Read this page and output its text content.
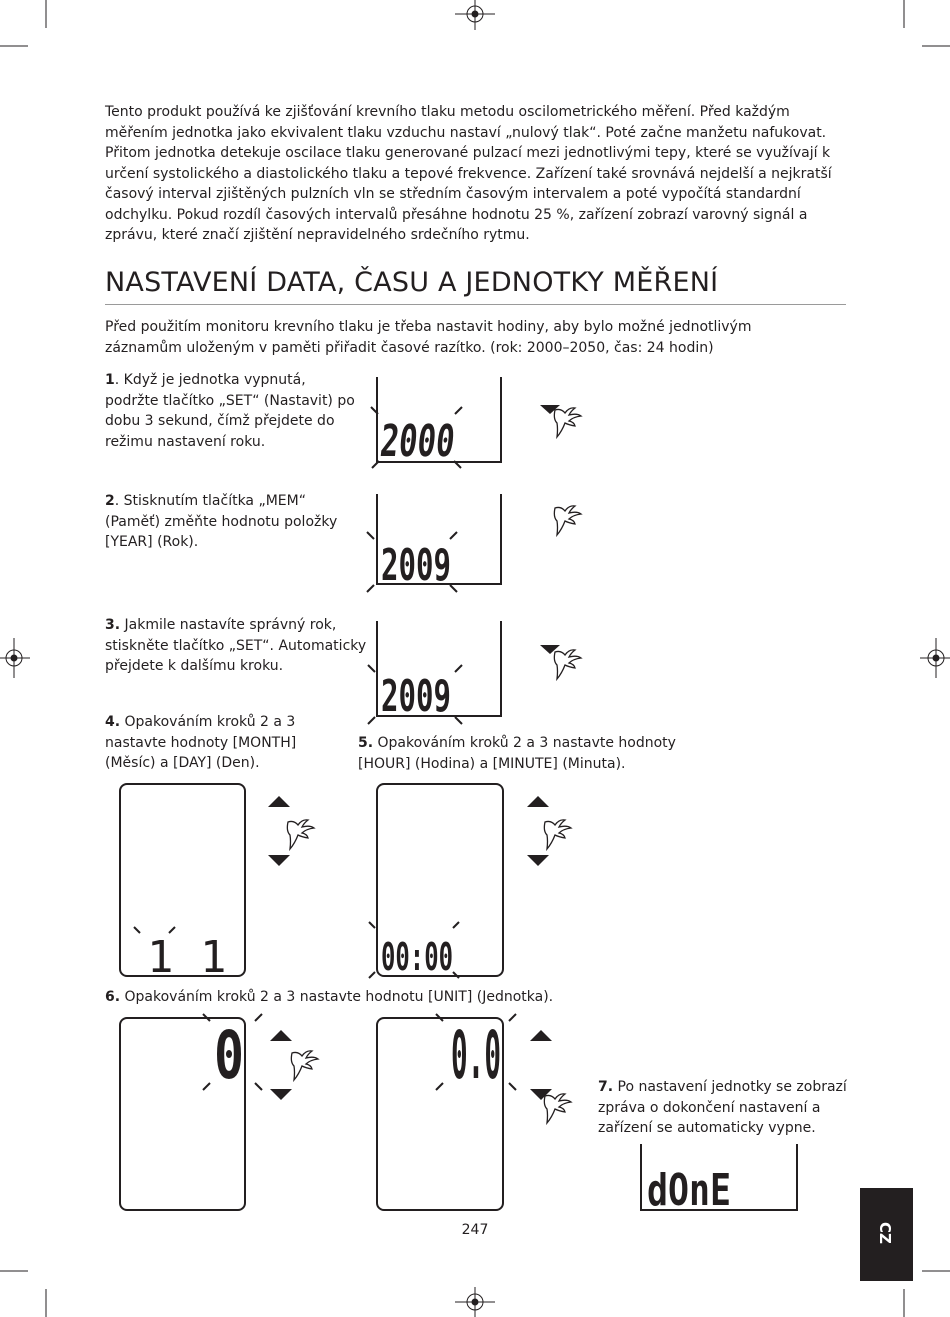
Tento produkt používá ke zjišťování krevního tlaku metodu oscilometrického měření. Před každým měřením jednotka jako ekvivalent tlaku vzduchu nastaví „nulový tlak“. Poté začne manžetu nafukovat. Přitom jednotka detekuje oscilace tlaku generované pulzací mezi jednotlivými tepy, které se využívají k určení systolického a diastolického tlaku a tepové frekvence. Zařízení také srovnává nejdelší a nejkratší časový interval zjištěných pulzních vln se středním časovým intervalem a poté vypočítá standardní odchylku. Pokud rozdíl časových intervalů přesáhne hodnotu 25 %, zařízení zobrazí varovný signál a zprávu, které značí zjištění nepravidelného srdečního rytmu.
NASTAVENÍ DATA, ČASU A JEDNOTKY MĚŘENÍ
Před použitím monitoru krevního tlaku je třeba nastavit hodiny, aby bylo možné jednotlivým záznamům uloženým v paměti přiřadit časové razítko. (rok: 2000–2050, čas: 24 hodin)
1. Když je jednotka vypnutá, podržte tlačítko „SET“ (Nastavit) po dobu 3 sekund, čímž přejdete do režimu nastavení roku.
2. Stisknutím tlačítka „MEM“ (Paměť) změňte hodnotu položky [YEAR] (Rok).
3. Jakmile nastavíte správný rok, stiskněte tlačítko „SET“. Automaticky přejdete k dalšímu kroku.
4. Opakováním kroků 2 a 3 nastavte hodnoty [MONTH] (Měsíc) a [DAY] (Den).
5. Opakováním kroků 2 a 3 nastavte hodnoty [HOUR] (Hodina) a [MINUTE] (Minuta).
6. Opakováním kroků 2 a 3 nastavte hodnotu [UNIT] (Jednotka).
7. Po nastavení jednotky se zobrazí zpráva o dokončení nastavení a zařízení se automaticky vypne.
2000
2009
2009
1 1	00:00
0	0.0
dOnE
247	CZ
